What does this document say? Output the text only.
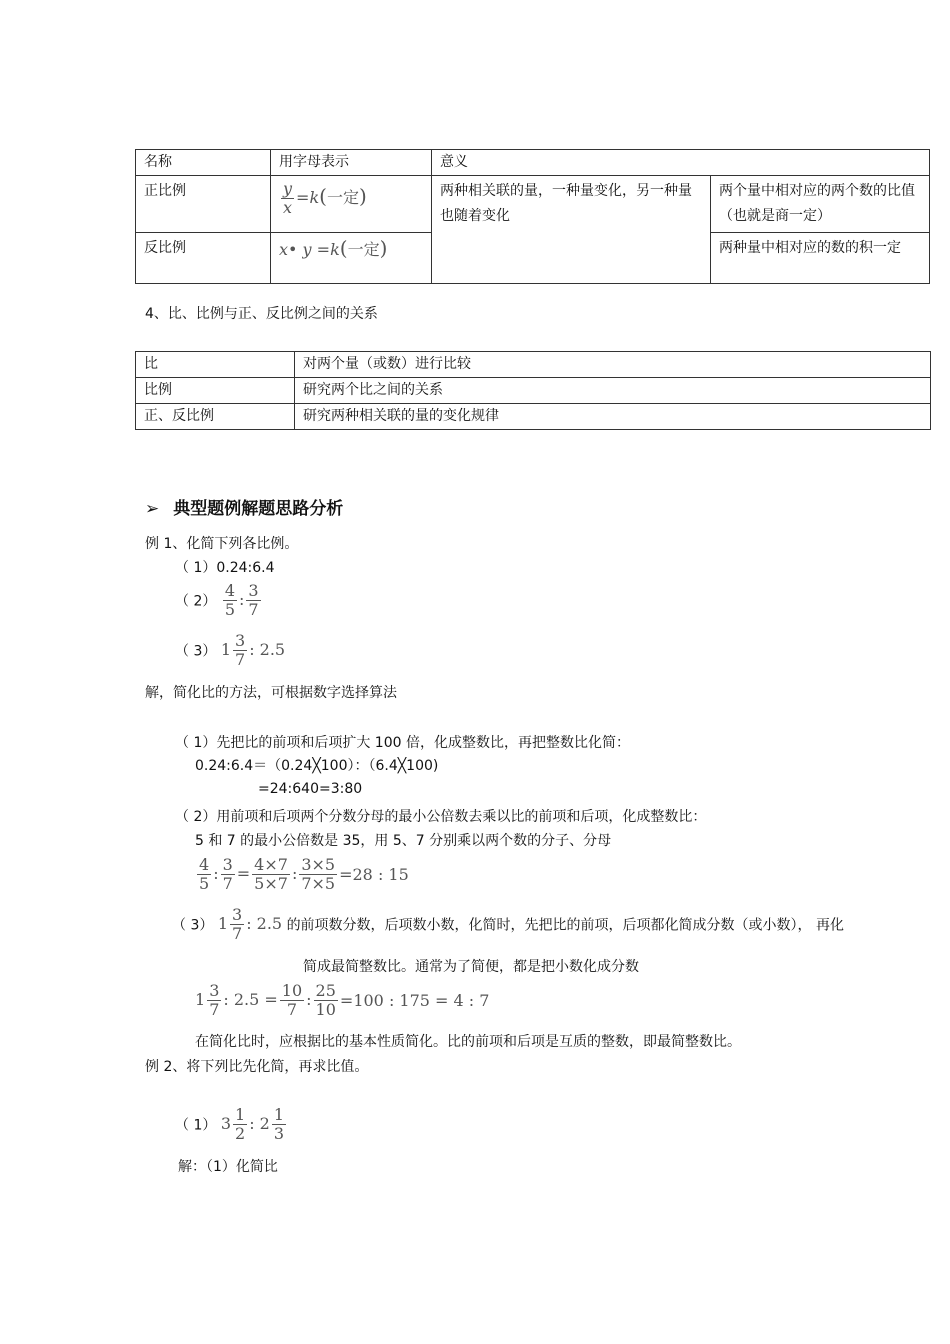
名称	用字母表示	意义	
正比例	$\frac{y}{x} =k$(一定)	两种相关联的量，一种量变化，另一种量也随着变化	两个量中相对应的两个数的比值（也就是商一定）
反比例	x• y =k(一定)		两种量中相对应的数的积一定
4、比、比例与正、反比例之间的关系
比	对两个量（或数）进行比较
比例	研究两个比之间的关系
正、反比例	研究两种相关联的量的变化规律
➢ 典型题例解题思路分析
例 1、化简下列各比例。
（ 1）0.24:6.4
（ $2) \frac{4}{5}$ : $\frac{3}{7}$
（ 3） $1 \frac{3}{7}$ : 2.5
解，简化比的方法，可根据数字选择算法
（ 1）先把比的前项和后项扩大 100 倍，化成整数比，再把整数比化简：
0.24:6.4＝（0.24╳100）：（6.4╳100)
=24:640=3:80
（ 2）用前项和后项两个分数分母的最小公倍数去乘以比的前项和后项，化成整数比：
5 和 7 的最小公倍数是 35，用 5、7 分别乘以两个数的分子、分母
$\frac{4}{5}$ : $\frac{3}{7} = \frac{4\times 7}{5\times 7}$ : $\frac{3\times 5}{7\times 5} =28$ : 15
（ 3） $1 \frac{3}{7}$ : 2.5 的前项数分数，后项数小数，化简时，先把比的前项，后项都化简成分数（或小数）， 再化
简成最简整数比。通常为了简便，都是把小数化成分数
$1 \frac{3}{7}$ : $2.5 = \frac{10}{7}$ : $\frac{25}{10} =100$ : 175 = 4 : 7
在简化比时，应根据比的基本性质简化。比的前项和后项是互质的整数，即最简整数比。
例 2、将下列比先化简，再求比值。
（ 1） $3 \frac{1}{2}$ : $2 \frac{1}{3}$
解：（1）化简比
